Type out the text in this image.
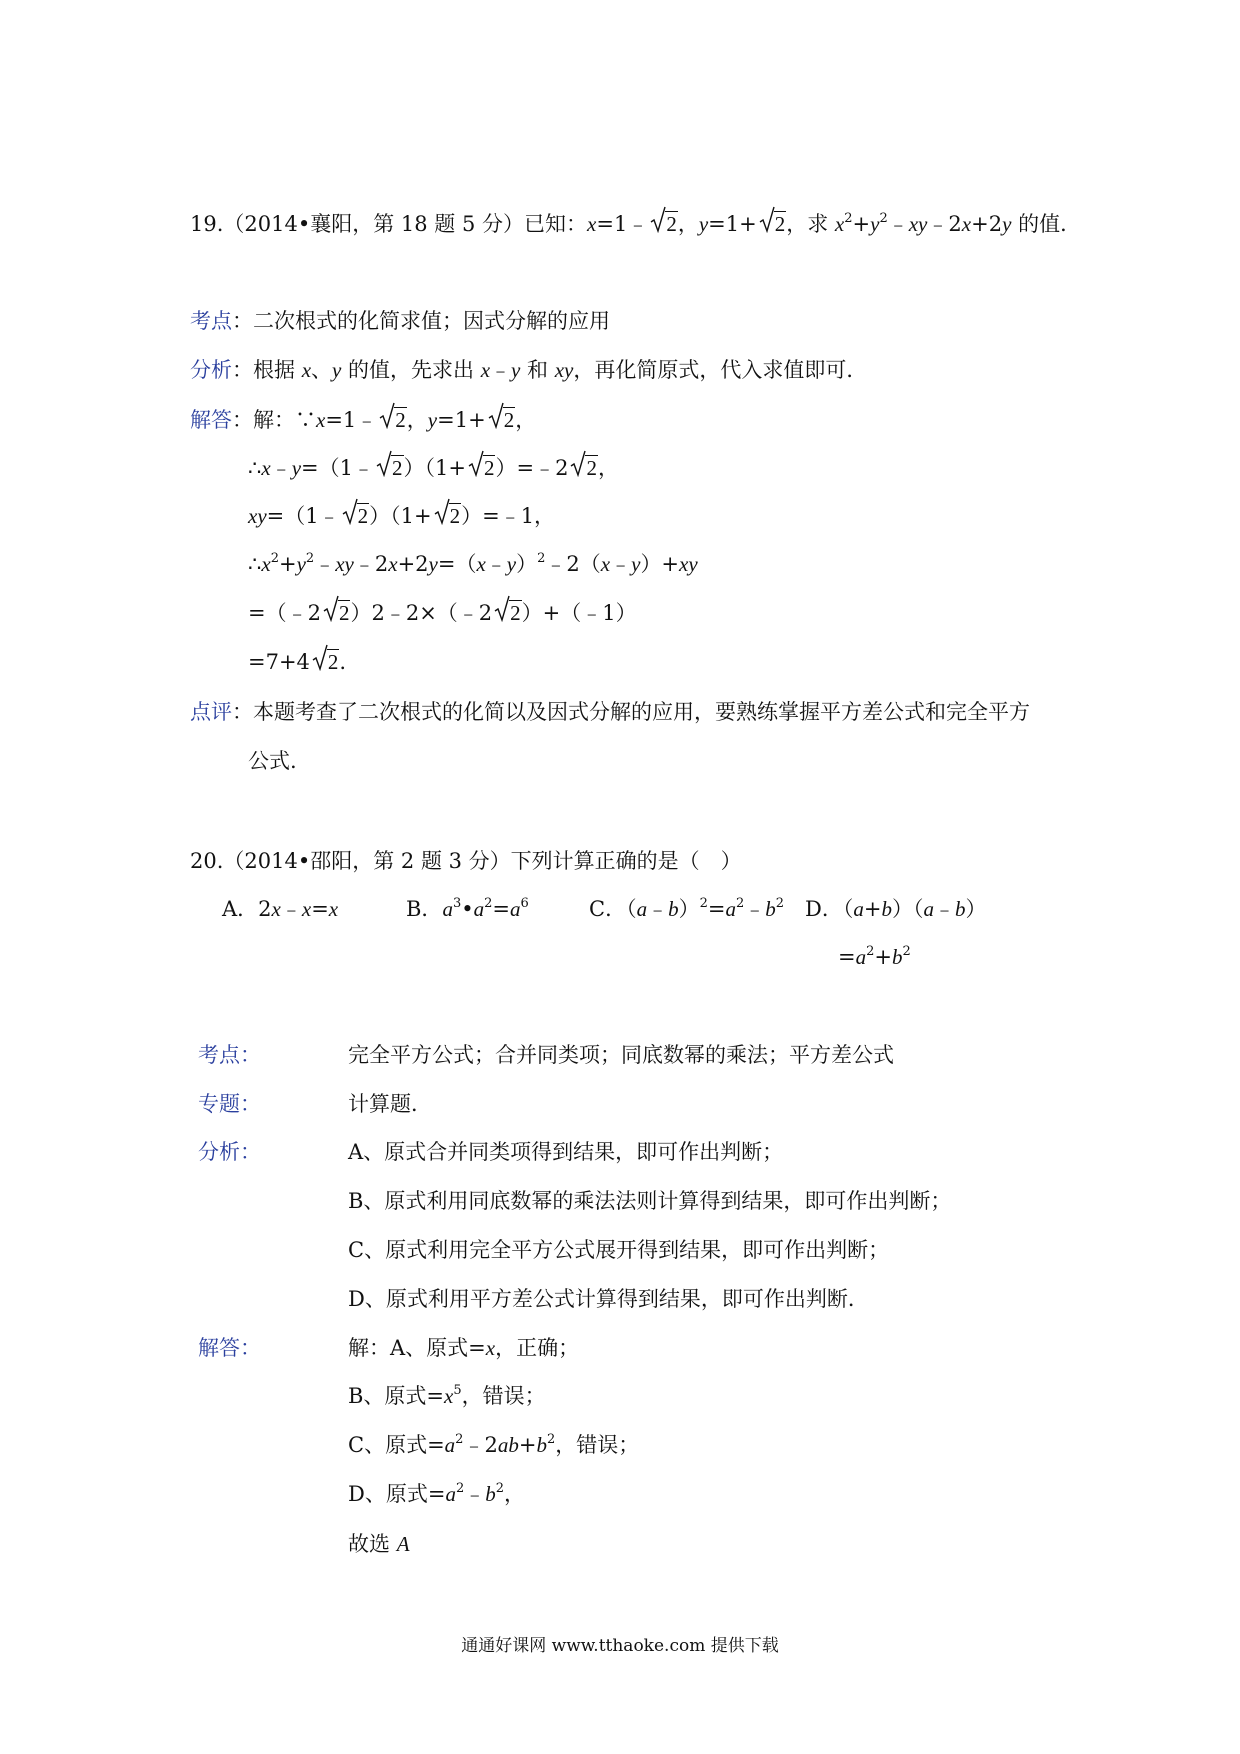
19.（2014•襄阳，第 18 题 5 分）已知：x=1﹣ 2，y=1+ 2，求 $x^2+y^2﹣xy﹣2x+2y$ 的值．
考点：二次根式的化简求值；因式分解的应用
分析：根据 x、y 的值，先求出 x﹣y 和 xy，再化简原式，代入求值即可．
解答：解：∵x=1﹣ 2，y=1+ 2，
∴x﹣y=（1﹣ 2）（1+ 2）=﹣2 2，
xy=（1﹣ 2）（1+ 2）=﹣1，
$\therefore x^2+y^2﹣xy﹣2x+2y=(x﹣y)^2﹣2(x﹣y)+xy$
=（﹣2 2）2﹣2×（﹣2 2）+（﹣1）
=7+4 2.
点评：本题考查了二次根式的化简以及因式分解的应用，要熟练掌握平方差公式和完全平方
公式.
20.（2014•邵阳，第 2 题 3 分）下列计算正确的是（　）
A．2x﹣x=x	B．$a^3•a^2=a^6$	C．$(a﹣b)^2=a^2﹣b^2$ D．（a+b）（a﹣b）
$=a^2+b^2$
考点：	完全平方公式；合并同类项；同底数幂的乘法；平方差公式
专题：	计算题．
分析：	A、原式合并同类项得到结果，即可作出判断；
B、原式利用同底数幂的乘法法则计算得到结果，即可作出判断；
C、原式利用完全平方公式展开得到结果，即可作出判断；
D、原式利用平方差公式计算得到结果，即可作出判断．
解答：	解：A、原式=x，正确；
B、原式$=x^5$，错误；
C、原式$=a^2﹣2ab+b^2$，错误；
D、原式$=a^2﹣b^2$，
故选 A
通通好课网 www.tthaoke.com 提供下载
